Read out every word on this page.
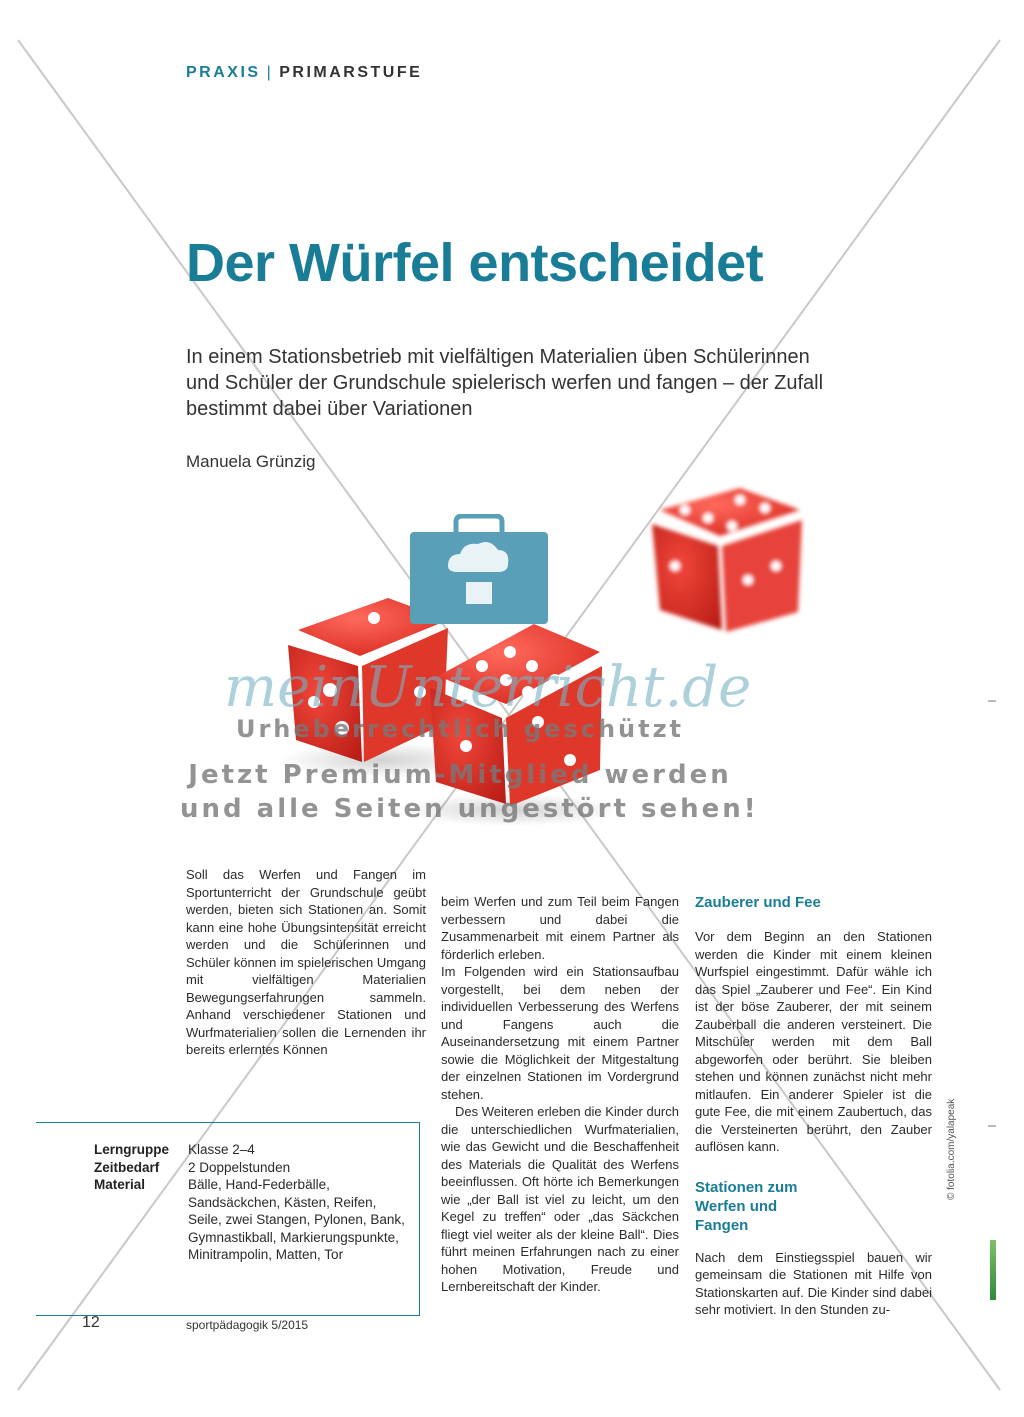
PRAXIS | PRIMARSTUFE
Der Würfel entscheidet
In einem Stationsbetrieb mit vielfältigen Materialien üben Schülerinnen und Schüler der Grundschule spielerisch werfen und fangen – der Zufall bestimmt dabei über Variationen
Manuela Grünzig
meinUnterricht.de
Urheberrechtlich geschützt
Jetzt Premium-Mitglied werden
und alle Seiten ungestört sehen!

Soll das Werfen und Fangen im Sportunterricht der Grundschule geübt werden, bieten sich Stationen an. Somit kann eine hohe Übungsintensität erreicht werden und die Schülerinnen und Schüler können im spielerischen Umgang mit vielfältigen Materialien Bewegungserfahrungen sammeln. Anhand verschiedener Stationen und Wurfmaterialien sollen die Lernenden ihr bereits erlerntes Können

beim Werfen und zum Teil beim Fangen verbessern und dabei die Zusammenarbeit mit einem Partner als förderlich erleben.

Im Folgenden wird ein Stationsaufbau vorgestellt, bei dem neben der individuellen Verbesserung des Werfens und Fangens auch die Auseinandersetzung mit einem Partner sowie die Möglichkeit der Mitgestaltung der einzelnen Stationen im Vordergrund stehen.

Des Weiteren erleben die Kinder durch die unterschiedlichen Wurfmaterialien, wie das Gewicht und die Beschaffenheit des Materials die Qualität des Werfens beeinflussen. Oft hörte ich Bemerkungen wie „der Ball ist viel zu leicht, um den Kegel zu treffen“ oder „das Säckchen fliegt viel weiter als der kleine Ball“. Dies führt meinen Erfahrungen nach zu einer hohen Motivation, Freude und Lernbereitschaft der Kinder.

Zauberer und Fee

Vor dem Beginn an den Stationen werden die Kinder mit einem kleinen Wurfspiel eingestimmt. Dafür wähle ich das Spiel „Zauberer und Fee“. Ein Kind ist der böse Zauberer, der mit seinem Zauberball die anderen versteinert. Die Mitschüler werden mit dem Ball abgeworfen oder berührt. Sie bleiben stehen und können zunächst nicht mehr mitlaufen. Ein anderer Spieler ist die gute Fee, die mit einem Zaubertuch, das die Versteinerten berührt, den Zauber auflösen kann.

Stationen zum Werfen und Fangen

Nach dem Einstiegsspiel bauen wir gemeinsam die Stationen mit Hilfe von Stationskarten auf. Die Kinder sind dabei sehr motiviert. In den Stunden zu-

Lerngruppe	Klasse 2–4
Zeitbedarf	2 Doppelstunden
Material	Bälle, Hand-Federbälle, Sandsäckchen, Kästen, Reifen, Seile, zwei Stangen, Pylonen, Bank, Gymnastikball, Markierungspunkte, Minitrampolin, Matten, Tor
12	sportpädagogik 5/2015
© fotolia.com/yalapeak
